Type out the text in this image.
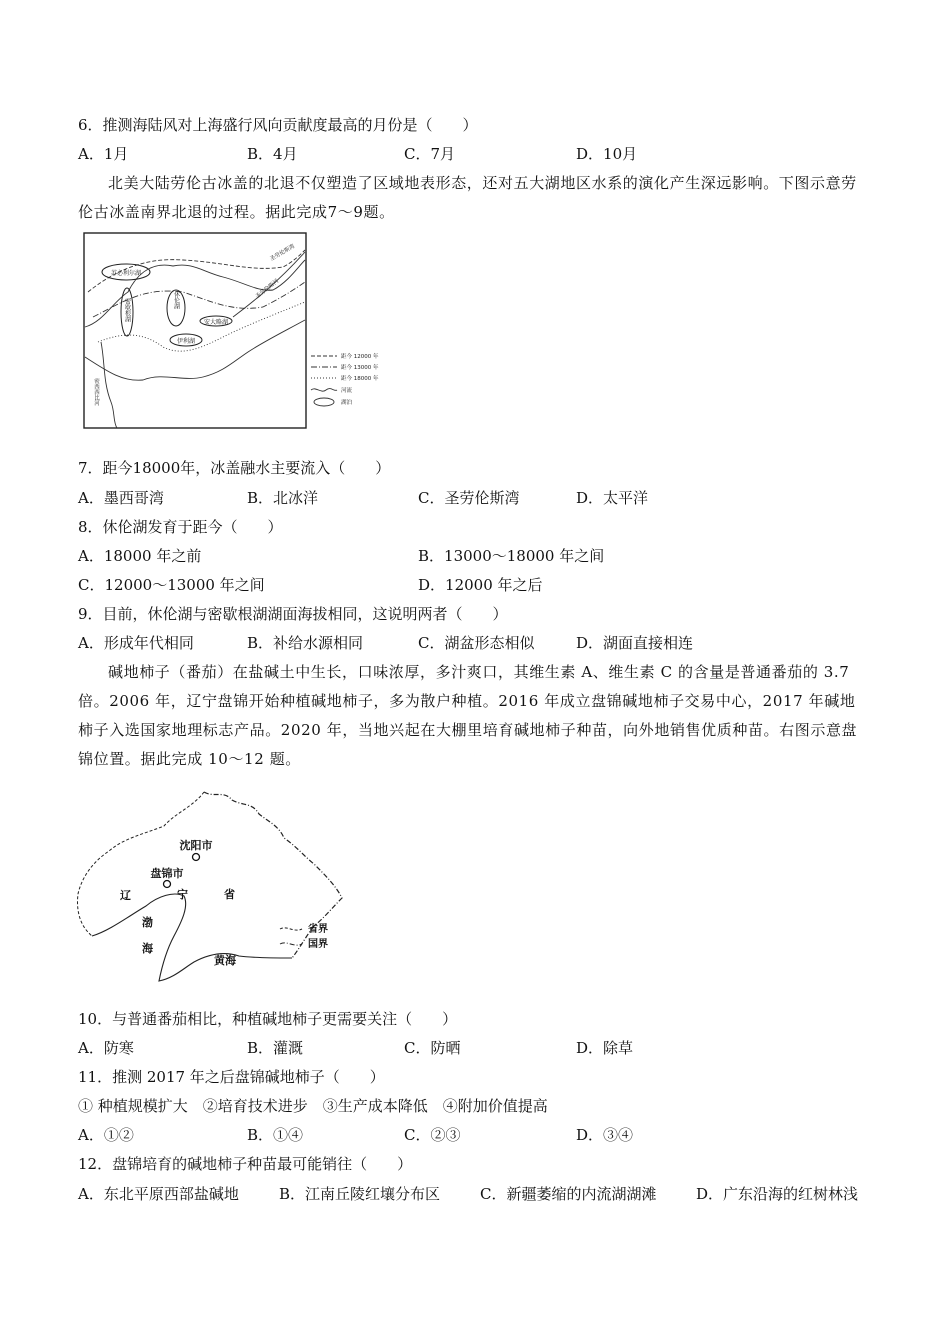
6．推测海陆风对上海盛行风向贡献度最高的月份是（　　）
A．1月	B．4月	C．7月	D．10月
北美大陆劳伦古冰盖的北退不仅塑造了区域地表形态，还对五大湖地区水系的演化产生深远影响。下图示意劳伦古冰盖南界北退的过程。据此完成7～9题。
苏必利尔湖
密歇根湖	休伦湖
伊利湖
安大略湖
圣劳伦斯河
圣劳伦斯湾
密西西比河
距今 12000 年
距今 13000 年
距今 18000 年
河流
湖泊
7．距今18000年，冰盖融水主要流入（　　）
A．墨西哥湾	B．北冰洋	C．圣劳伦斯湾	D．太平洋
8．休伦湖发育于距今（　　）
A．18000 年之前	B．13000～18000 年之间
C．12000～13000 年之间	D．12000 年之后
9．目前，休伦湖与密歇根湖湖面海拔相同，这说明两者（　　）
A．形成年代相同	B．补给水源相同	C．湖盆形态相似	D．湖面直接相连
碱地柿子（番茄）在盐碱土中生长，口味浓厚，多汁爽口，其维生素 A、维生素 C 的含量是普通番茄的 3.7 倍。2006 年，辽宁盘锦开始种植碱地柿子，多为散户种植。2016 年成立盘锦碱地柿子交易中心，2017 年碱地柿子入选国家地理标志产品。2020 年，当地兴起在大棚里培育碱地柿子种苗，向外地销售优质种苗。右图示意盘锦位置。据此完成 10～12 题。
沈阳市
盘锦市
辽	宁	省
渤
海
黄海
省界
国界
10．与普通番茄相比，种植碱地柿子更需要关注（　　）
A．防寒	B．灌溉	C．防晒	D．除草
11．推测 2017 年之后盘锦碱地柿子（　　）
① 种植规模扩大　②培育技术进步　③生产成本降低　④附加价值提高
A．①②	B．①④	C．②③	D．③④
12．盘锦培育的碱地柿子种苗最可能销往（　　）
A．东北平原西部盐碱地	B．江南丘陵红壤分布区	C．新疆萎缩的内流湖湖滩	D．广东沿海的红树林浅
